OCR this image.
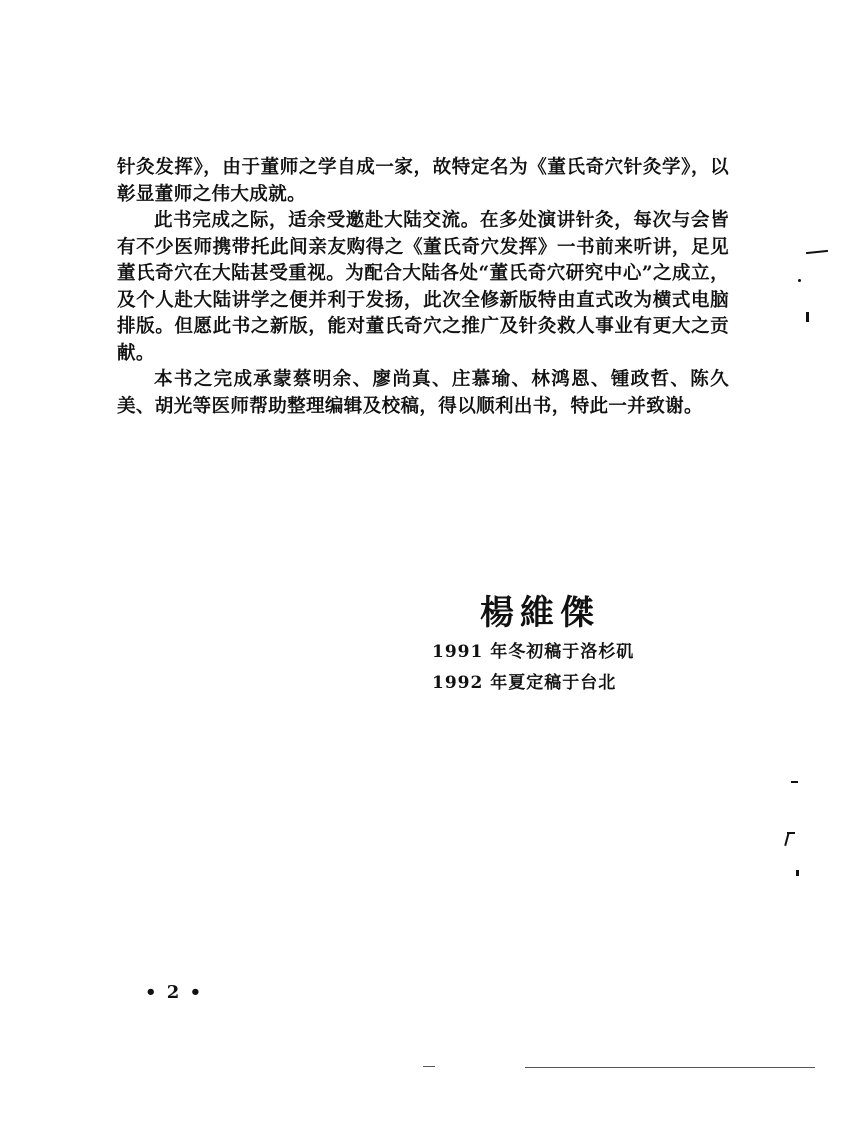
针灸发挥》，由于董师之学自成一家，故特定名为《董氏奇穴针灸学》，以彰显董师之伟大成就。

此书完成之际，适余受邀赴大陆交流。在多处演讲针灸，每次与会皆有不少医师携带托此间亲友购得之《董氏奇穴发挥》一书前来听讲，足见董氏奇穴在大陆甚受重视。为配合大陆各处“董氏奇穴研究中心”之成立，及个人赴大陆讲学之便并利于发扬，此次全修新版特由直式改为横式电脑排版。但愿此书之新版，能对董氏奇穴之推广及针灸救人事业有更大之贡献。

本书之完成承蒙蔡明余、廖尚真、庄慕瑜、林鸿恩、锺政哲、陈久美、胡光等医师帮助整理编辑及校稿，得以顺利出书，特此一并致谢。

楊維傑
1991 年冬初稿于洛杉矶
1992 年夏定稿于台北
• 2 •
